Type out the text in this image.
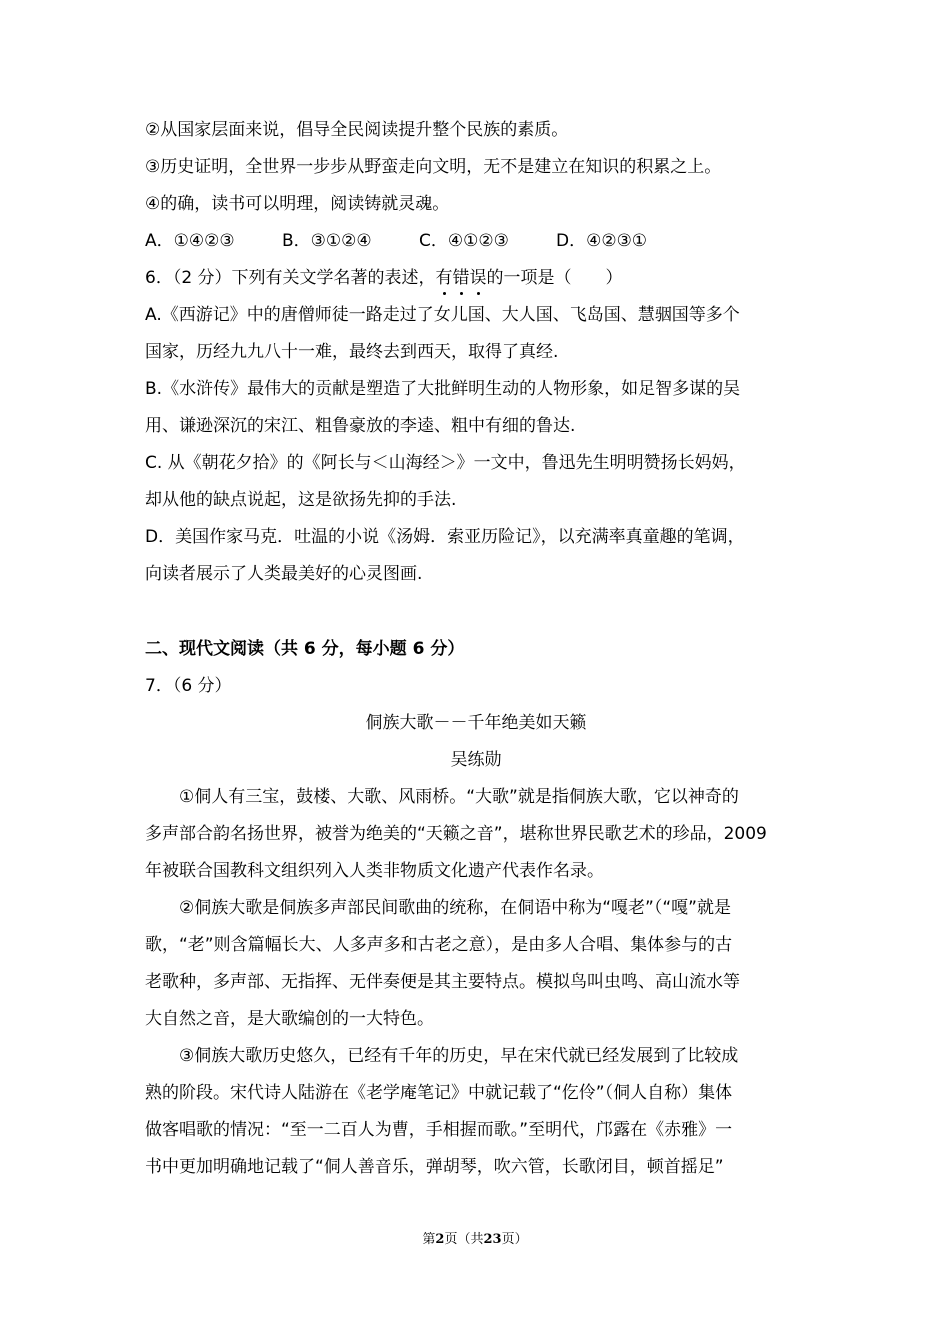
②从国家层面来说，倡导全民阅读提升整个民族的素质。
③历史证明，全世界一步步从野蛮走向文明，无不是建立在知识的积累之上。
④的确，读书可以明理，阅读铸就灵魂。
A．①④②③	B．③①②④	C．④①②③	D．④②③①
6．（2 分）下列有关文学名著的表述，有错误的一项是（　　）
A.《西游记》中的唐僧师徒一路走过了女儿国、大人国、飞岛国、慧骃国等多个
国家，历经九九八十一难，最终去到西天，取得了真经.
B.《水浒传》最伟大的贡献是塑造了大批鲜明生动的人物形象，如足智多谋的吴
用、谦逊深沉的宋江、粗鲁豪放的李逵、粗中有细的鲁达.
C. 从《朝花夕拾》的《阿长与＜山海经＞》一文中，鲁迅先生明明赞扬长妈妈，
却从他的缺点说起，这是欲扬先抑的手法.
D．美国作家马克．吐温的小说《汤姆．索亚历险记》，以充满率真童趣的笔调，
向读者展示了人类最美好的心灵图画.
二、现代文阅读（共 6 分，每小题 6 分）
7．（6 分）
侗族大歌－－千年绝美如天籁
吴练勋
①侗人有三宝，鼓楼、大歌、风雨桥。“大歌”就是指侗族大歌，它以神奇的
多声部合韵名扬世界，被誉为绝美的“天籁之音”，堪称世界民歌艺术的珍品，2009
年被联合国教科文组织列入人类非物质文化遗产代表作名录。
②侗族大歌是侗族多声部民间歌曲的统称，在侗语中称为“嘎老”（“嘎”就是
歌，“老”则含篇幅长大、人多声多和古老之意），是由多人合唱、集体参与的古
老歌种，多声部、无指挥、无伴奏便是其主要特点。模拟鸟叫虫鸣、高山流水等
大自然之音，是大歌编创的一大特色。
③侗族大歌历史悠久，已经有千年的历史，早在宋代就已经发展到了比较成
熟的阶段。宋代诗人陆游在《老学庵笔记》中就记载了“仡伶”（侗人自称）集体
做客唱歌的情况：“至一二百人为曹，手相握而歌。”至明代，邝露在《赤雅》一
书中更加明确地记载了“侗人善音乐，弹胡琴，吹六管，长歌闭目，顿首摇足”
第2页（共23页）
